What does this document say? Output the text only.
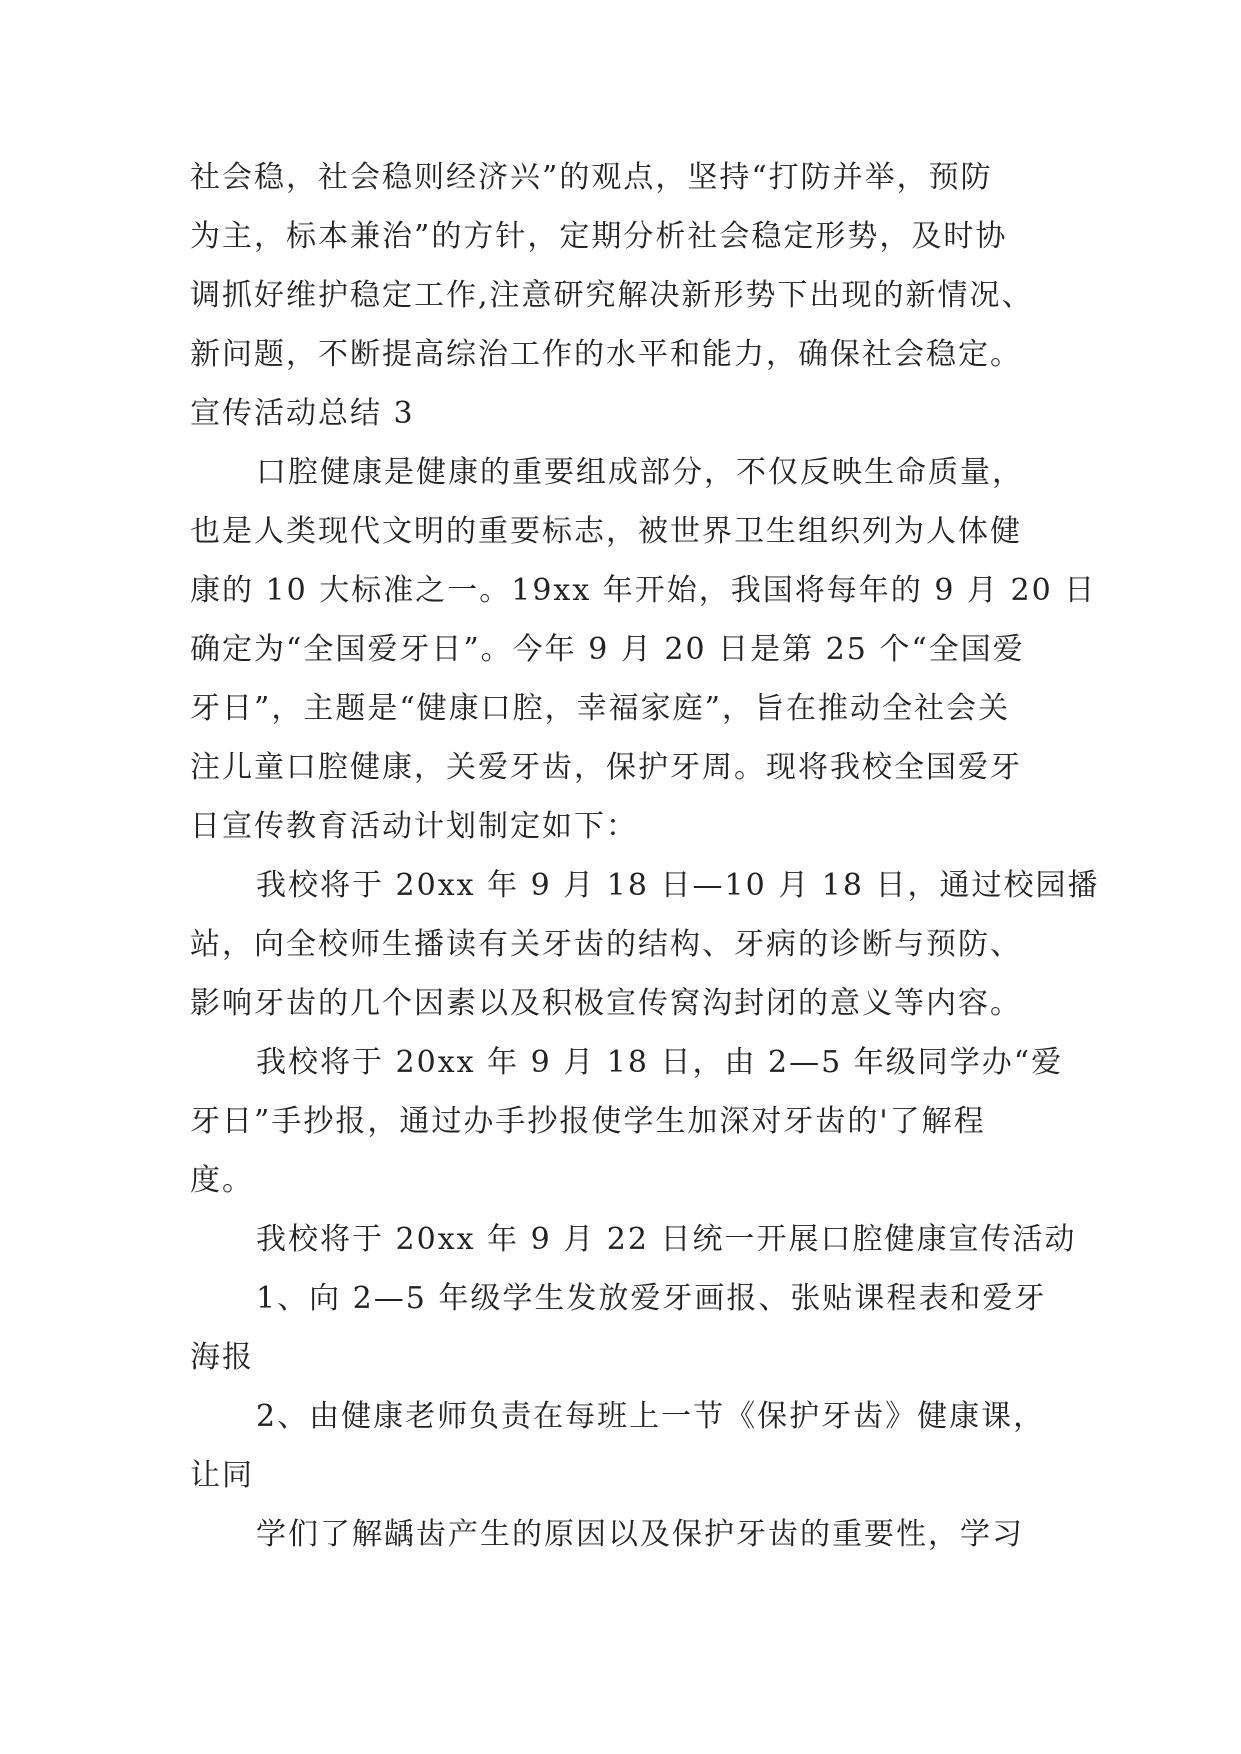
社会稳，社会稳则经济兴”的观点，坚持“打防并举，预防
为主，标本兼治”的方针，定期分析社会稳定形势，及时协
调抓好维护稳定工作,注意研究解决新形势下出现的新情况、
新问题，不断提高综治工作的水平和能力，确保社会稳定。
宣传活动总结 3
口腔健康是健康的重要组成部分，不仅反映生命质量，
也是人类现代文明的重要标志，被世界卫生组织列为人体健
康的 10 大标准之一。19xx 年开始，我国将每年的 9 月 20 日
确定为“全国爱牙日”。今年 9 月 20 日是第 25 个“全国爱
牙日”，主题是“健康口腔，幸福家庭”，旨在推动全社会关
注儿童口腔健康，关爱牙齿，保护牙周。现将我校全国爱牙
日宣传教育活动计划制定如下：
我校将于 20xx 年 9 月 18 日—10 月 18 日，通过校园播
站，向全校师生播读有关牙齿的结构、牙病的诊断与预防、
影响牙齿的几个因素以及积极宣传窝沟封闭的意义等内容。
我校将于 20xx 年 9 月 18 日，由 2—5 年级同学办“爱
牙日”手抄报，通过办手抄报使学生加深对牙齿的'了解程
度。
我校将于 20xx 年 9 月 22 日统一开展口腔健康宣传活动
1、向 2—5 年级学生发放爱牙画报、张贴课程表和爱牙
海报
2、由健康老师负责在每班上一节《保护牙齿》健康课，
让同
学们了解龋齿产生的原因以及保护牙齿的重要性，学习
